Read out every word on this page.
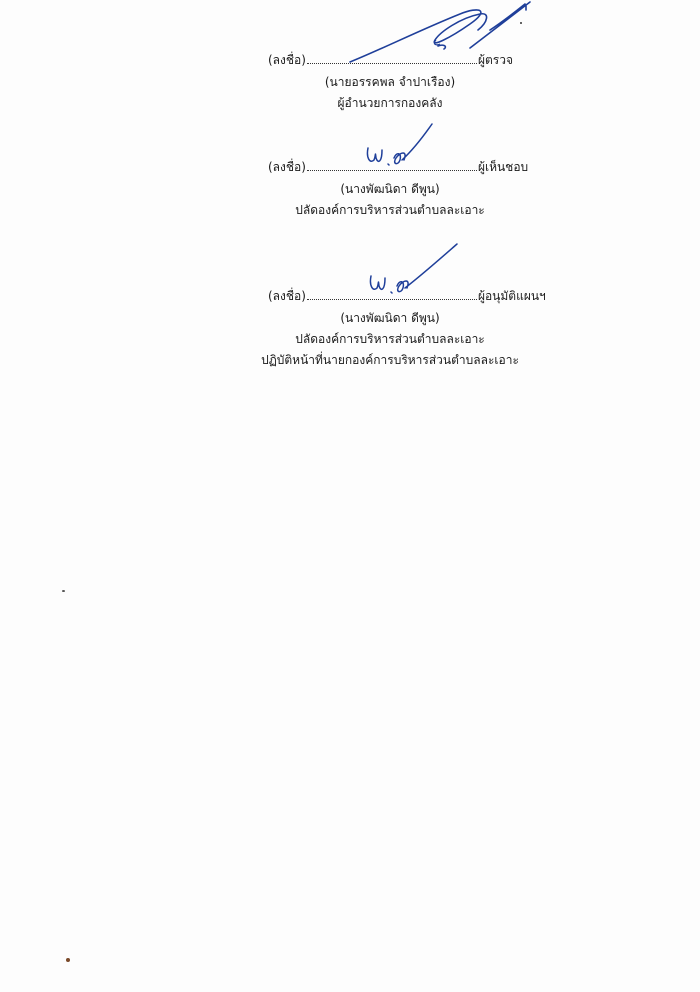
(ลงชื่อ)	ผู้ตรวจ
(นายอรรคพล จำปาเรือง)
ผู้อำนวยการกองคลัง
(ลงชื่อ)	ผู้เห็นชอบ
(นางพัฒนิดา ดีพูน)
ปลัดองค์การบริหารส่วนตำบลละเอาะ
(ลงชื่อ)	ผู้อนุมัติแผนฯ
(นางพัฒนิดา ดีพูน)
ปลัดองค์การบริหารส่วนตำบลละเอาะ
ปฏิบัติหน้าที่นายกองค์การบริหารส่วนตำบลละเอาะ
